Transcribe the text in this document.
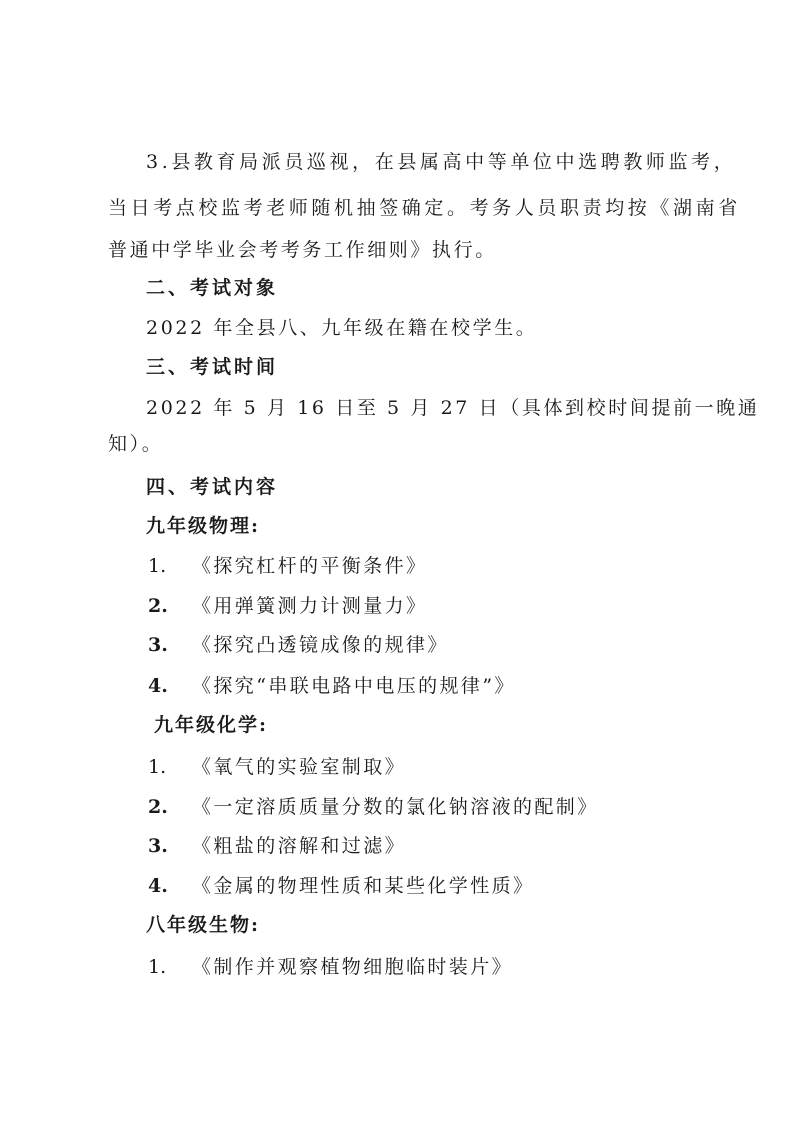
3.县教育局派员巡视，在县属高中等单位中选聘教师监考，
当日考点校监考老师随机抽签确定。考务人员职责均按《湖南省
普通中学毕业会考考务工作细则》执行。
二、考试对象
2022 年全县八、九年级在籍在校学生。
三、考试时间
2022 年 5 月 16 日至 5 月 27 日（具体到校时间提前一晚通
知）。
四、考试内容
九年级物理:
1. 《探究杠杆的平衡条件》
2. 《用弹簧测力计测量力》
3. 《探究凸透镜成像的规律》
4. 《探究“串联电路中电压的规律”》
九年级化学:
1. 《氧气的实验室制取》
2. 《一定溶质质量分数的氯化钠溶液的配制》
3. 《粗盐的溶解和过滤》
4. 《金属的物理性质和某些化学性质》
八年级生物:
1. 《制作并观察植物细胞临时装片》
